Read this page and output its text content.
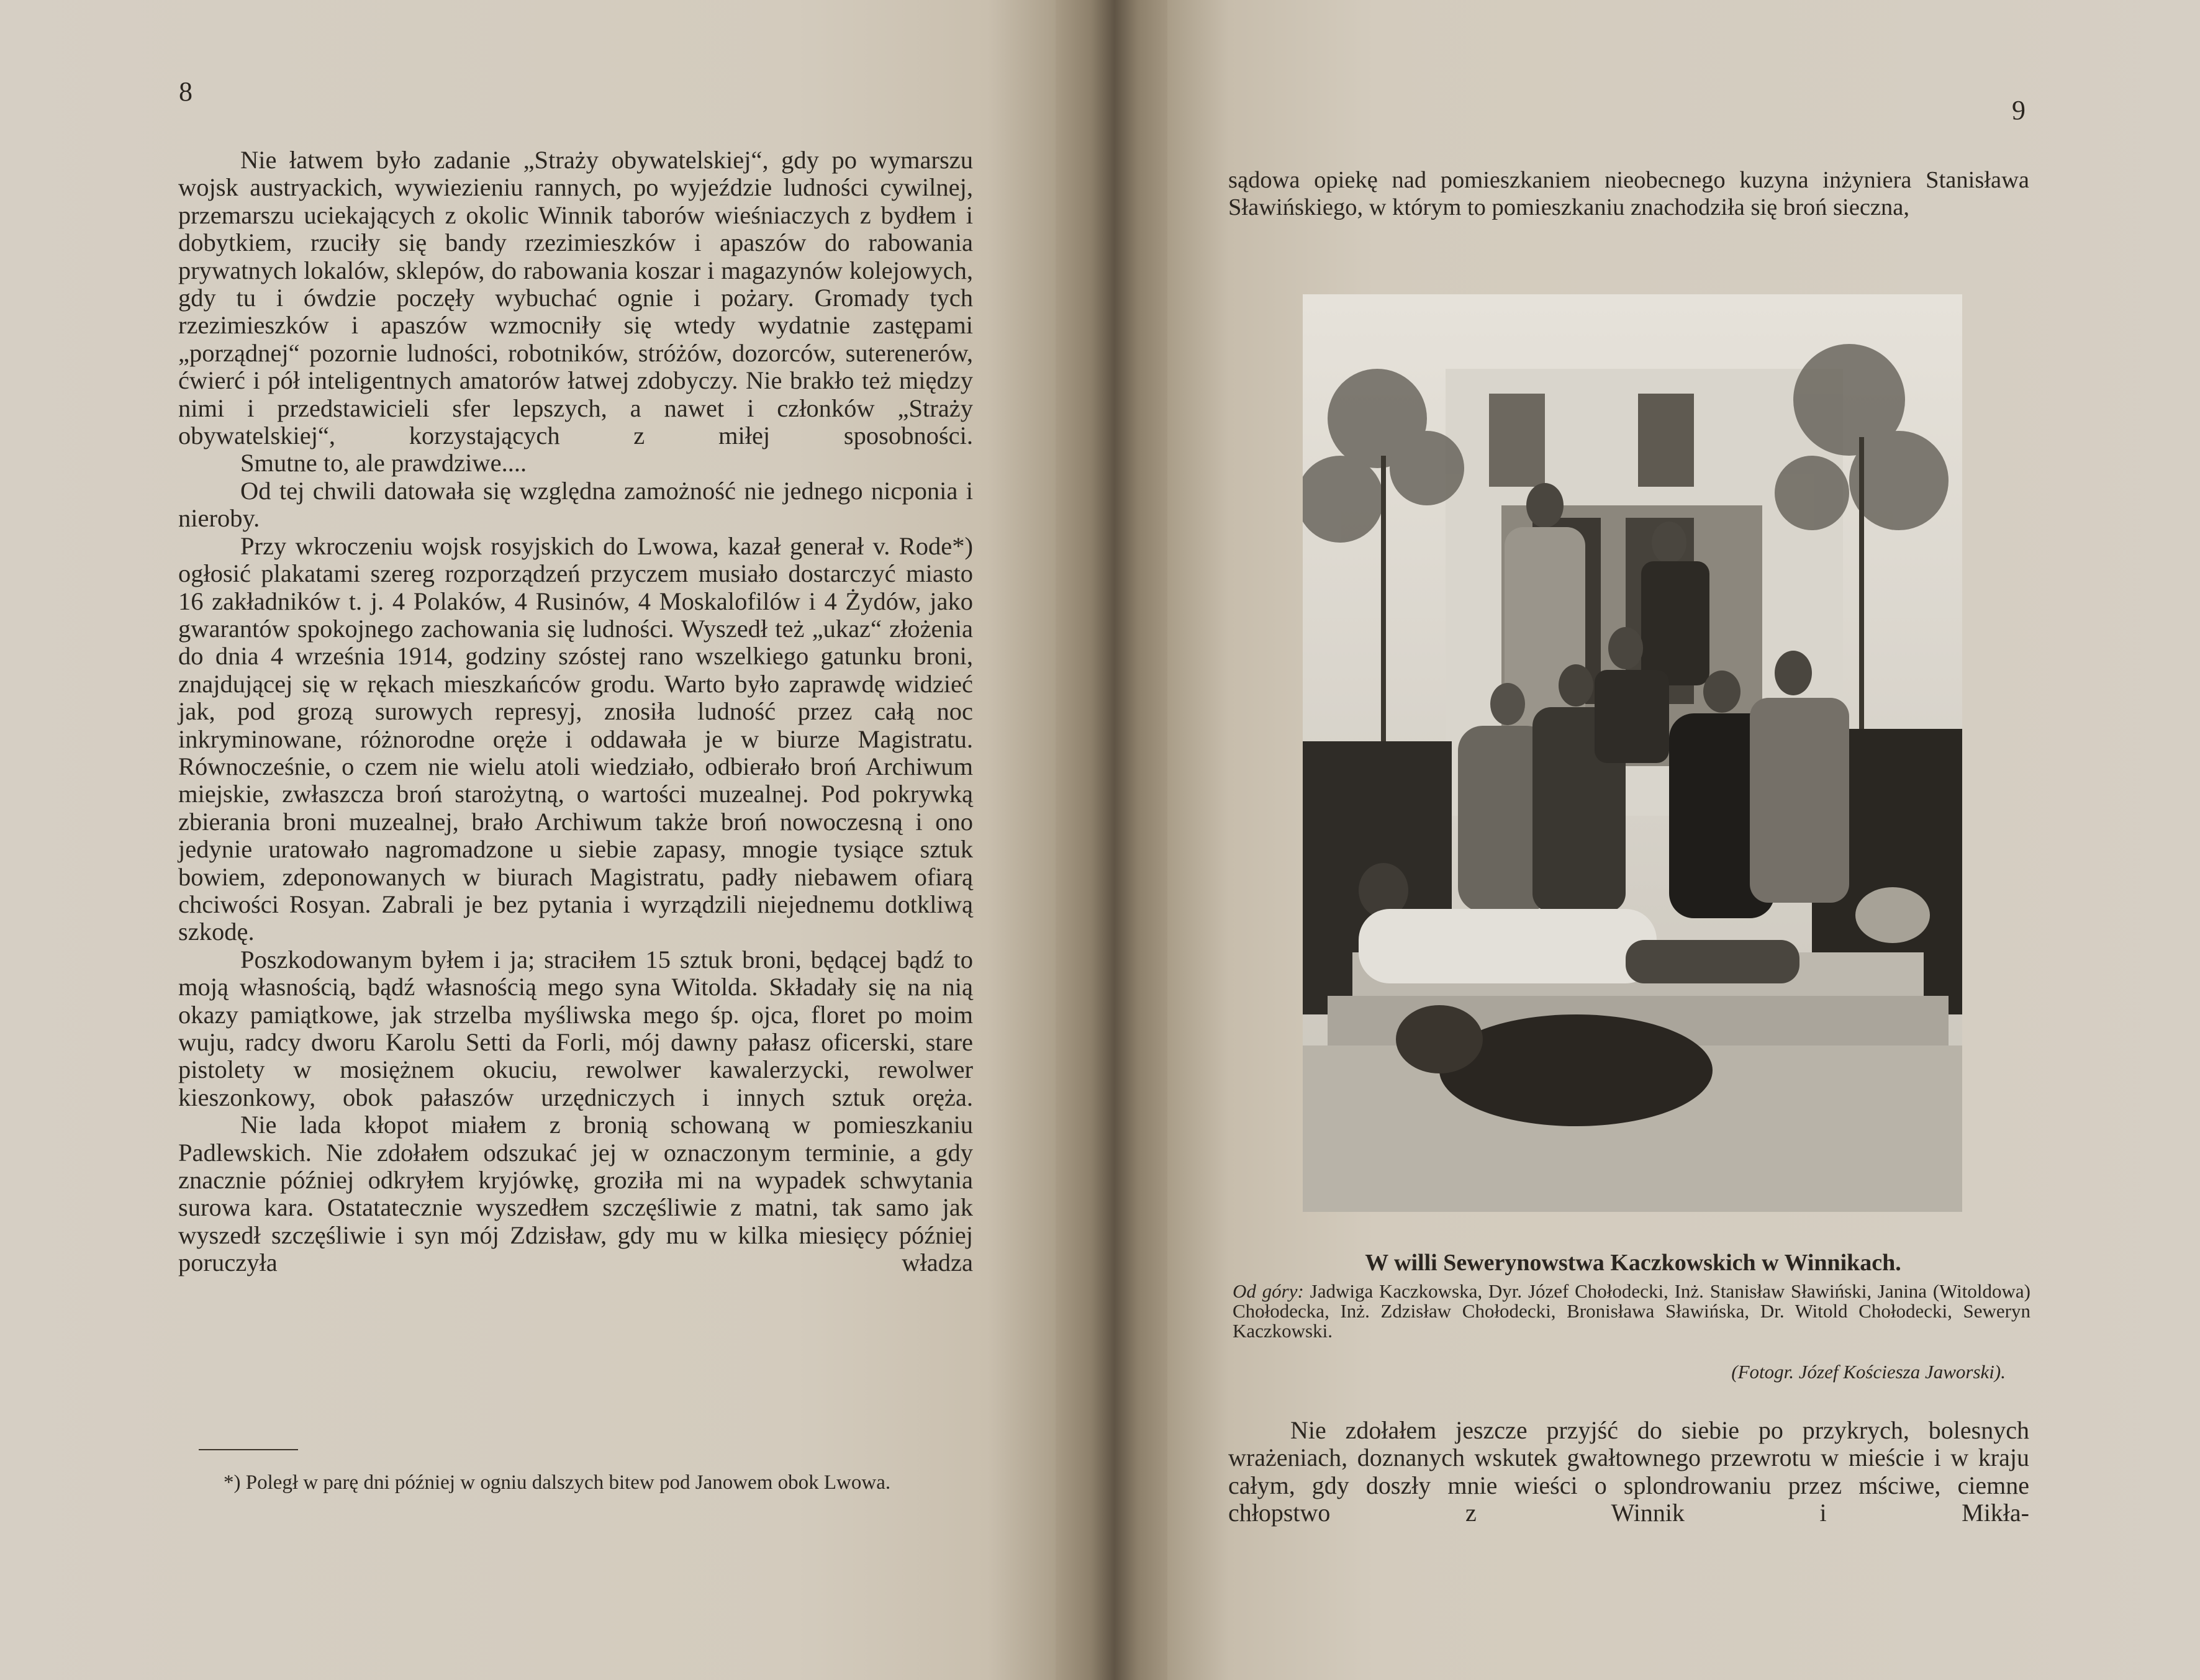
8

Nie łatwem było zadanie „Straży obywatelskiej“, gdy po wymarszu wojsk austryackich, wywiezieniu rannych, po wyjeździe ludności cywilnej, przemarszu uciekających z okolic Winnik taborów wieśniaczych z bydłem i dobytkiem, rzuciły się bandy rzezimieszków i apaszów do rabowania prywatnych lokalów, sklepów, do rabowania koszar i magazynów kolejowych, gdy tu i ówdzie poczęły wybuchać ognie i pożary. Gromady tych rzezimieszków i apaszów wzmocniły się wtedy wydatnie zastępami „porządnej“ pozornie ludności, robotników, stróżów, dozorców, suterenerów, ćwierć i pół inteligentnych amatorów łatwej zdobyczy. Nie brakło też między nimi i przedstawicieli sfer lepszych, a nawet i członków „Straży obywatelskiej“, korzystających z miłej sposobności.

Smutne to, ale prawdziwe....

Od tej chwili datowała się względna zamożność nie jednego nicponia i nieroby.

Przy wkroczeniu wojsk rosyjskich do Lwowa, kazał generał v. Rode*) ogłosić plakatami szereg rozporządzeń przyczem musiało dostarczyć miasto 16 zakładników t. j. 4 Polaków, 4 Rusinów, 4 Moskalofilów i 4 Żydów, jako gwarantów spokojnego zachowania się ludności. Wyszedł też „ukaz“ złożenia do dnia 4 września 1914, godziny szóstej rano wszelkiego gatunku broni, znajdującej się w rękach mieszkańców grodu. Warto było zaprawdę widzieć jak, pod grozą surowych represyj, znosiła ludność przez całą noc inkryminowane, różnorodne oręże i oddawała je w biurze Magistratu. Równocześnie, o czem nie wielu atoli wiedziało, odbierało broń Archiwum miejskie, zwłaszcza broń starożytną, o wartości muzealnej. Pod pokrywką zbierania broni muzealnej, brało Archiwum także broń nowoczesną i ono jedynie uratowało nagromadzone u siebie zapasy, mnogie tysiące sztuk bowiem, zdeponowanych w biurach Magistratu, padły niebawem ofiarą chciwości Rosyan. Zabrali je bez pytania i wyrządzili niejednemu dotkliwą szkodę.

Poszkodowanym byłem i ja; straciłem 15 sztuk broni, będącej bądź to moją własnością, bądź własnością mego syna Witolda. Składały się na nią okazy pamiątkowe, jak strzelba myśliwska mego śp. ojca, floret po moim wuju, radcy dworu Karolu Setti da Forli, mój dawny pałasz oficerski, stare pistolety w mosiężnem okuciu, rewolwer kawalerzycki, rewolwer kieszonkowy, obok pałaszów urzędniczych i innych sztuk oręża.

Nie lada kłopot miałem z bronią schowaną w pomieszkaniu Padlewskich. Nie zdołałem odszukać jej w oznaczonym terminie, a gdy znacznie później odkryłem kryjówkę, groziła mi na wypadek schwytania surowa kara. Ostatatecznie wyszedłem szczęśliwie z matni, tak samo jak wyszedł szczęśliwie i syn mój Zdzisław, gdy mu w kilka miesięcy później poruczyła władza

*) Poległ w parę dni później w ogniu dalszych bitew pod Janowem obok Lwowa.

9

sądowa opiekę nad pomieszkaniem nieobecnego kuzyna inżyniera Stanisława Sławińskiego, w którym to pomieszkaniu znachodziła się broń sieczna,

W willi Sewerynowstwa Kaczkowskich w Winnikach.

Od góry: Jadwiga Kaczkowska, Dyr. Józef Chołodecki, Inż. Stanisław Sławiński, Janina (Witoldowa) Chołodecka, Inż. Zdzisław Chołodecki, Bronisława Sławińska, Dr. Witold Chołodecki, Seweryn Kaczkowski.

(Fotogr. Józef Kościesza Jaworski).

Nie zdołałem jeszcze przyjść do siebie po przykrych, bolesnych wrażeniach, doznanych wskutek gwałtownego przewrotu w mieście i w kraju całym, gdy doszły mnie wieści o splondrowaniu przez mściwe, ciemne chłopstwo z Winnik i Mikła-
